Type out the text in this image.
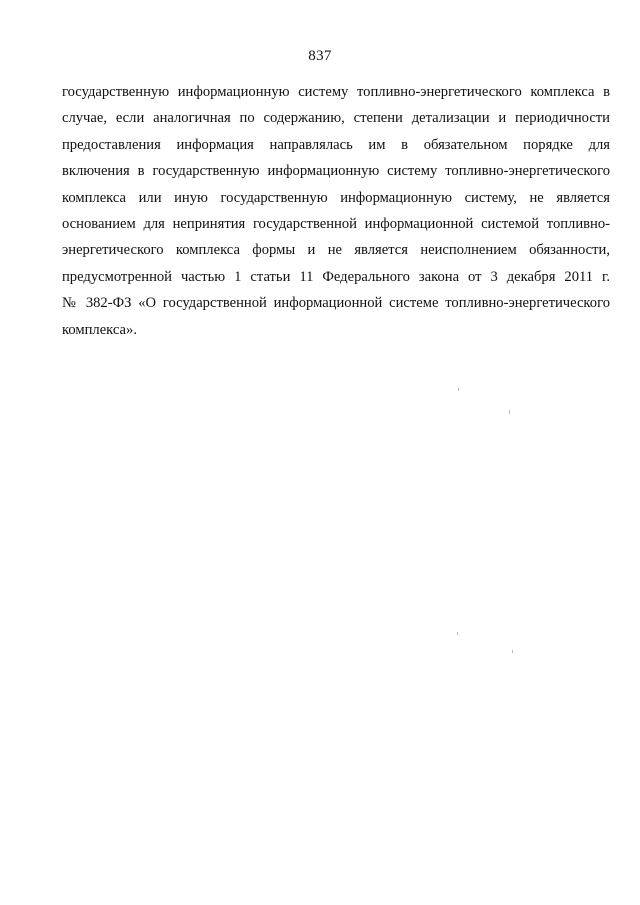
837
государственную информационную систему топливно-энергетического комплекса в
случае, если аналогичная по содержанию, степени детализации и периодичности
предоставления информация направлялась им в обязательном порядке для
включения в государственную информационную систему топливно-энергетического
комплекса или иную государственную информационную систему, не является
основанием для непринятия государственной информационной системой топливно-
энергетического комплекса формы и не является неисполнением обязанности,
предусмотренной частью 1 статьи 11 Федерального закона от 3 декабря 2011 г.
№ 382-ФЗ «О государственной информационной системе топливно-энергетического
комплекса».
